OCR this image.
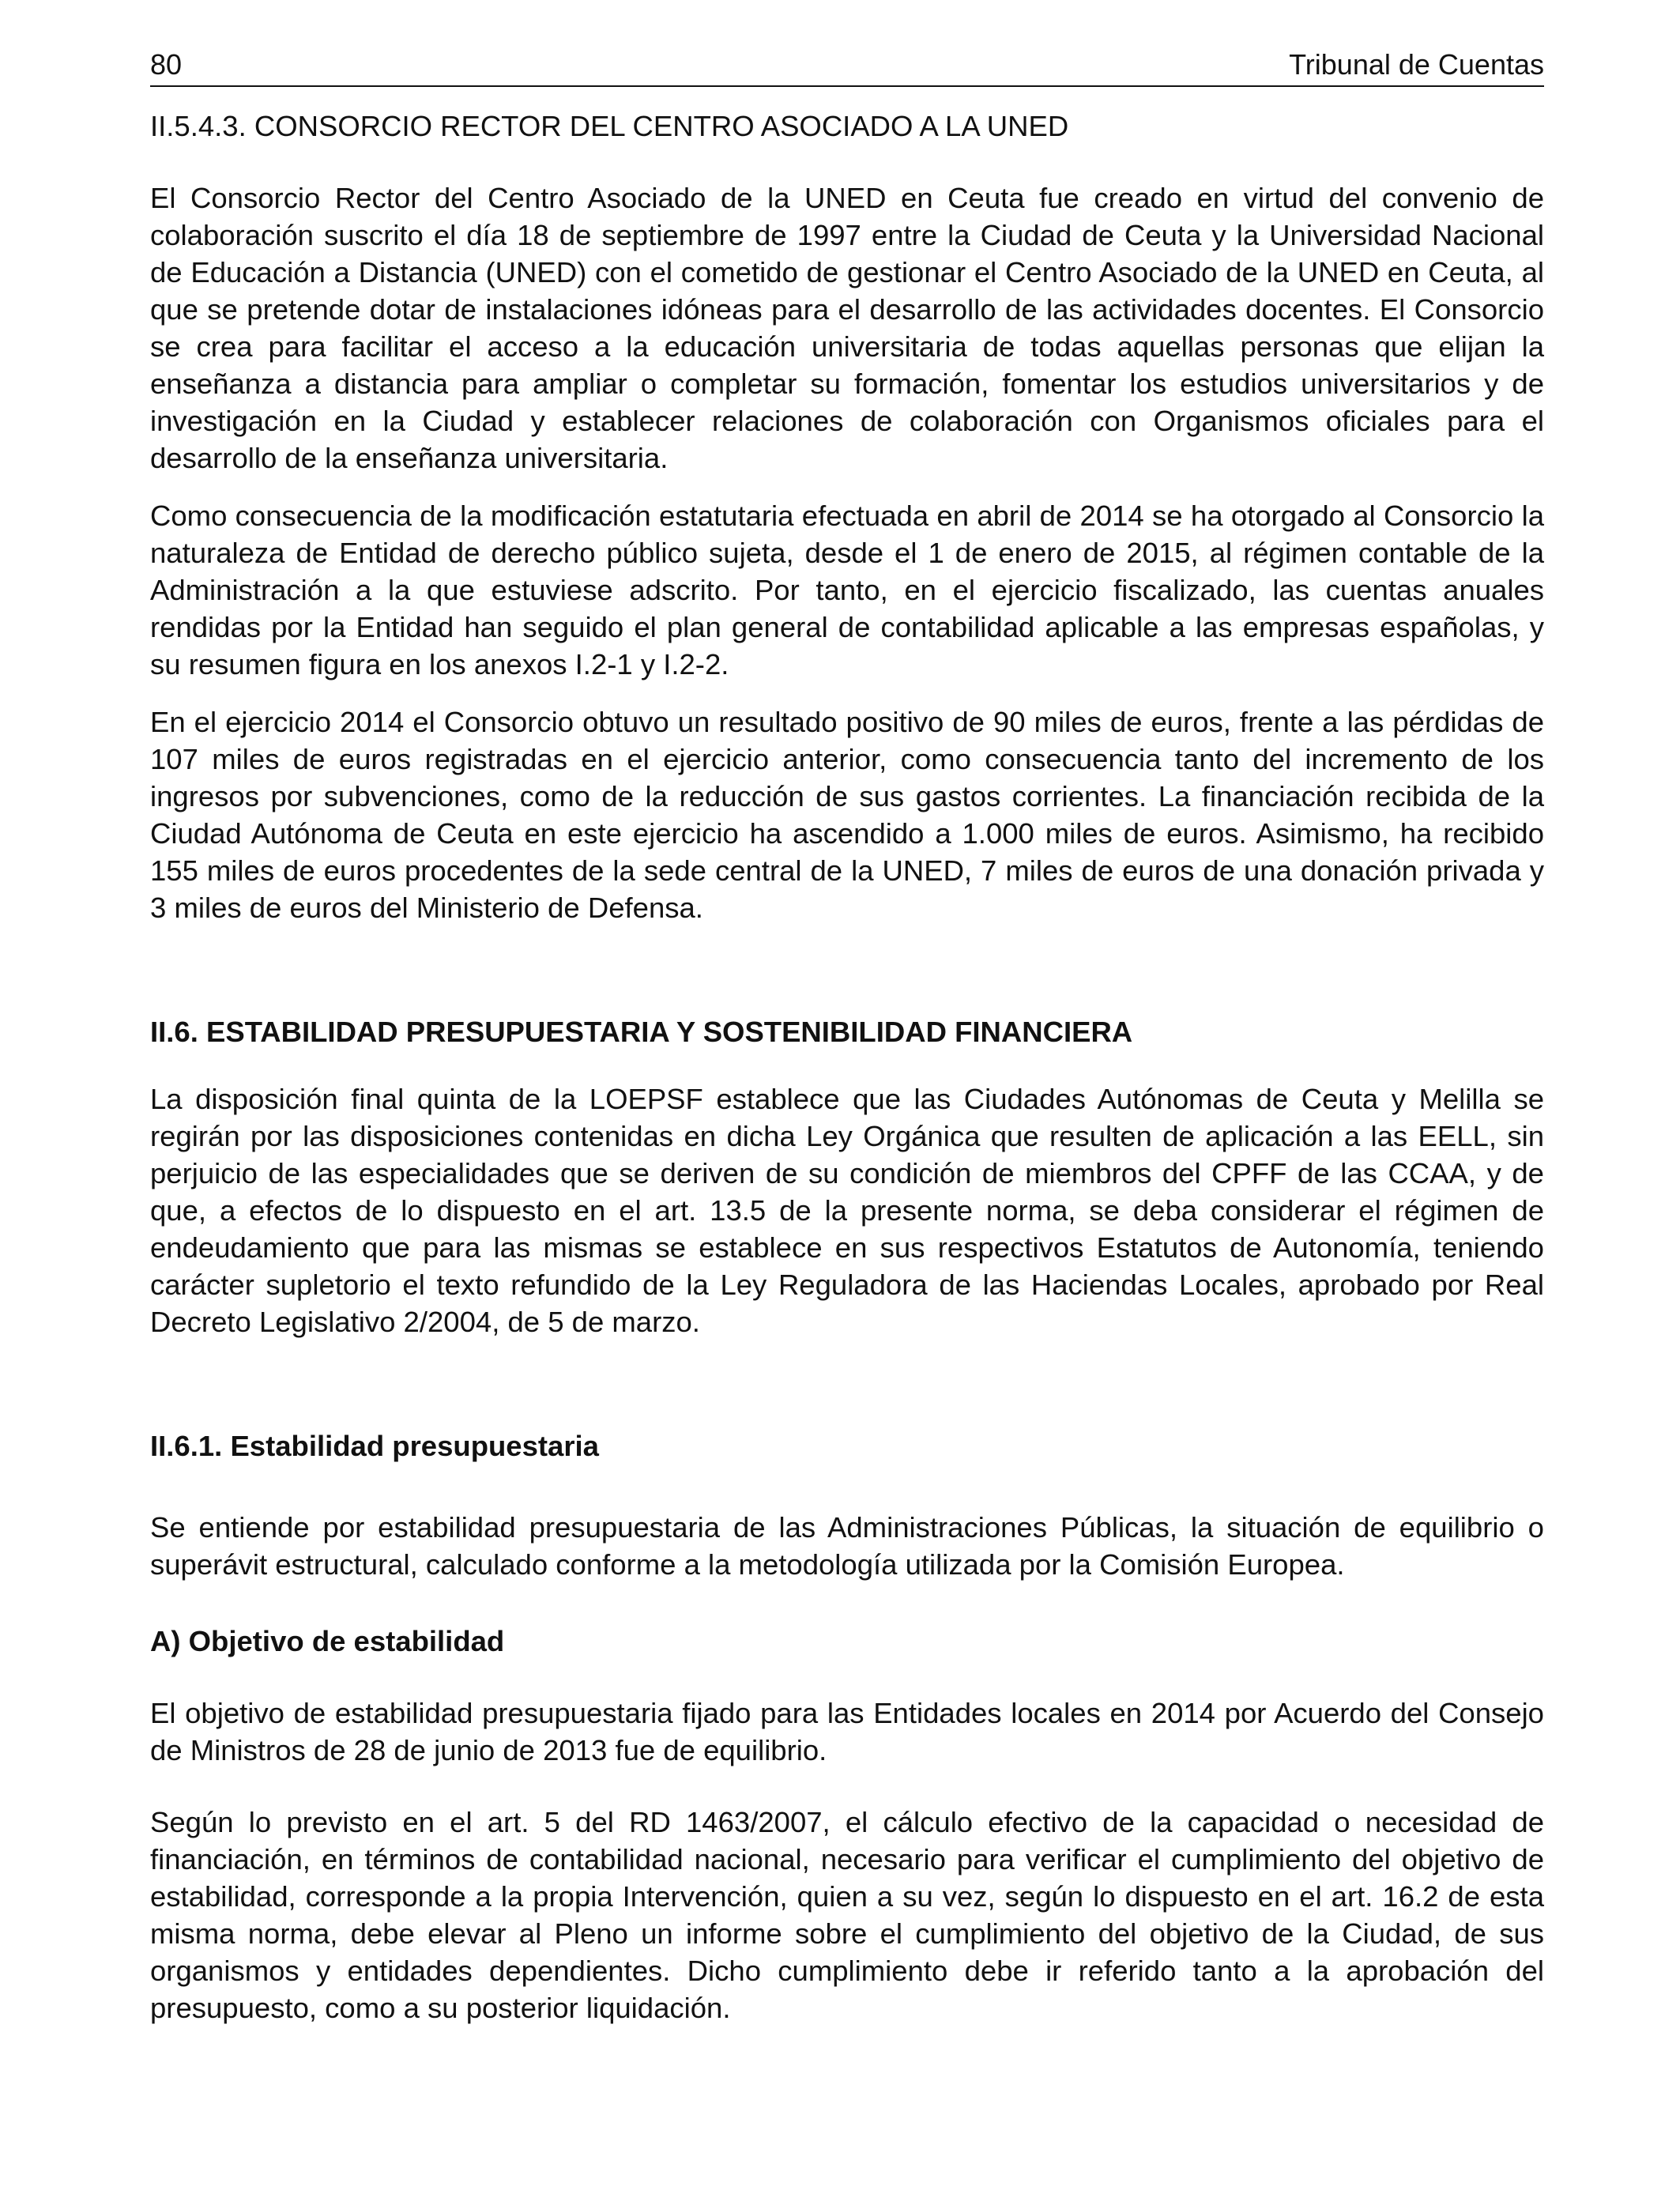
80	Tribunal de Cuentas

II.5.4.3. CONSORCIO RECTOR DEL CENTRO ASOCIADO A LA UNED

El Consorcio Rector del Centro Asociado de la UNED en Ceuta fue creado en virtud del convenio de colaboración suscrito el día 18 de septiembre de 1997 entre la Ciudad de Ceuta y la Universidad Nacional de Educación a Distancia (UNED) con el cometido de gestionar el Centro Asociado de la UNED en Ceuta, al que se pretende dotar de instalaciones idóneas para el desarrollo de las actividades docentes. El Consorcio se crea para facilitar el acceso a la educación universitaria de todas aquellas personas que elijan la enseñanza a distancia para ampliar o completar su formación, fomentar los estudios universitarios y de investigación en la Ciudad y establecer relaciones de colaboración con Organismos oficiales para el desarrollo de la enseñanza universitaria.

Como consecuencia de la modificación estatutaria efectuada en abril de 2014 se ha otorgado al Consorcio la naturaleza de Entidad de derecho público sujeta, desde el 1 de enero de 2015, al régimen contable de la Administración a la que estuviese adscrito. Por tanto, en el ejercicio fiscalizado, las cuentas anuales rendidas por la Entidad han seguido el plan general de contabilidad aplicable a las empresas españolas, y su resumen figura en los anexos I.2-1 y I.2-2.

En el ejercicio 2014 el Consorcio obtuvo un resultado positivo de 90 miles de euros, frente a las pérdidas de 107 miles de euros registradas en el ejercicio anterior, como consecuencia tanto del incremento de los ingresos por subvenciones, como de la reducción de sus gastos corrientes. La financiación recibida de la Ciudad Autónoma de Ceuta en este ejercicio ha ascendido a 1.000 miles de euros. Asimismo, ha recibido 155 miles de euros procedentes de la sede central de la UNED, 7 miles de euros de una donación privada y 3 miles de euros del Ministerio de Defensa.

II.6. ESTABILIDAD PRESUPUESTARIA Y SOSTENIBILIDAD FINANCIERA

La disposición final quinta de la LOEPSF establece que las Ciudades Autónomas de Ceuta y Melilla se regirán por las disposiciones contenidas en dicha Ley Orgánica que resulten de aplicación a las EELL, sin perjuicio de las especialidades que se deriven de su condición de miembros del CPFF de las CCAA, y de que, a efectos de lo dispuesto en el art. 13.5 de la presente norma, se deba considerar el régimen de endeudamiento que para las mismas se establece en sus respectivos Estatutos de Autonomía, teniendo carácter supletorio el texto refundido de la Ley Reguladora de las Haciendas Locales, aprobado por Real Decreto Legislativo 2/2004, de 5 de marzo.

II.6.1. Estabilidad presupuestaria

Se entiende por estabilidad presupuestaria de las Administraciones Públicas, la situación de equilibrio o superávit estructural, calculado conforme a la metodología utilizada por la Comisión Europea.

A) Objetivo de estabilidad

El objetivo de estabilidad presupuestaria fijado para las Entidades locales en 2014 por Acuerdo del Consejo de Ministros de 28 de junio de 2013 fue de equilibrio.

Según lo previsto en el art. 5 del RD 1463/2007, el cálculo efectivo de la capacidad o necesidad de financiación, en términos de contabilidad nacional, necesario para verificar el cumplimiento del objetivo de estabilidad, corresponde a la propia Intervención, quien a su vez, según lo dispuesto en el art. 16.2 de esta misma norma, debe elevar al Pleno un informe sobre el cumplimiento del objetivo de la Ciudad, de sus organismos y entidades dependientes. Dicho cumplimiento debe ir referido tanto a la aprobación del presupuesto, como a su posterior liquidación.
